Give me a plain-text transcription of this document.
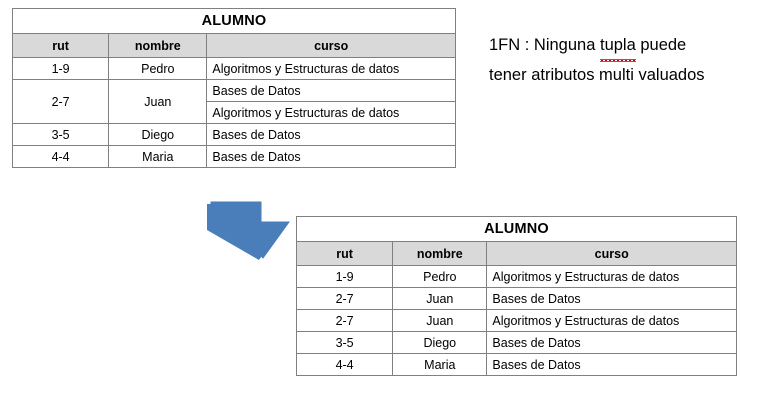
ALUMNO		
rut	nombre	curso
1-9	Pedro	Algoritmos y Estructuras de datos
2-7	Juan	Bases de Datos
		Algoritmos y Estructuras de datos
3-5	Diego	Bases de Datos
4-4	Maria	Bases de Datos
1FN : Ninguna tupla puede
tener atributos multi valuados
ALUMNO		
rut	nombre	curso
1-9	Pedro	Algoritmos y Estructuras de datos
2-7	Juan	Bases de Datos
2-7	Juan	Algoritmos y Estructuras de datos
3-5	Diego	Bases de Datos
4-4	Maria	Bases de Datos
